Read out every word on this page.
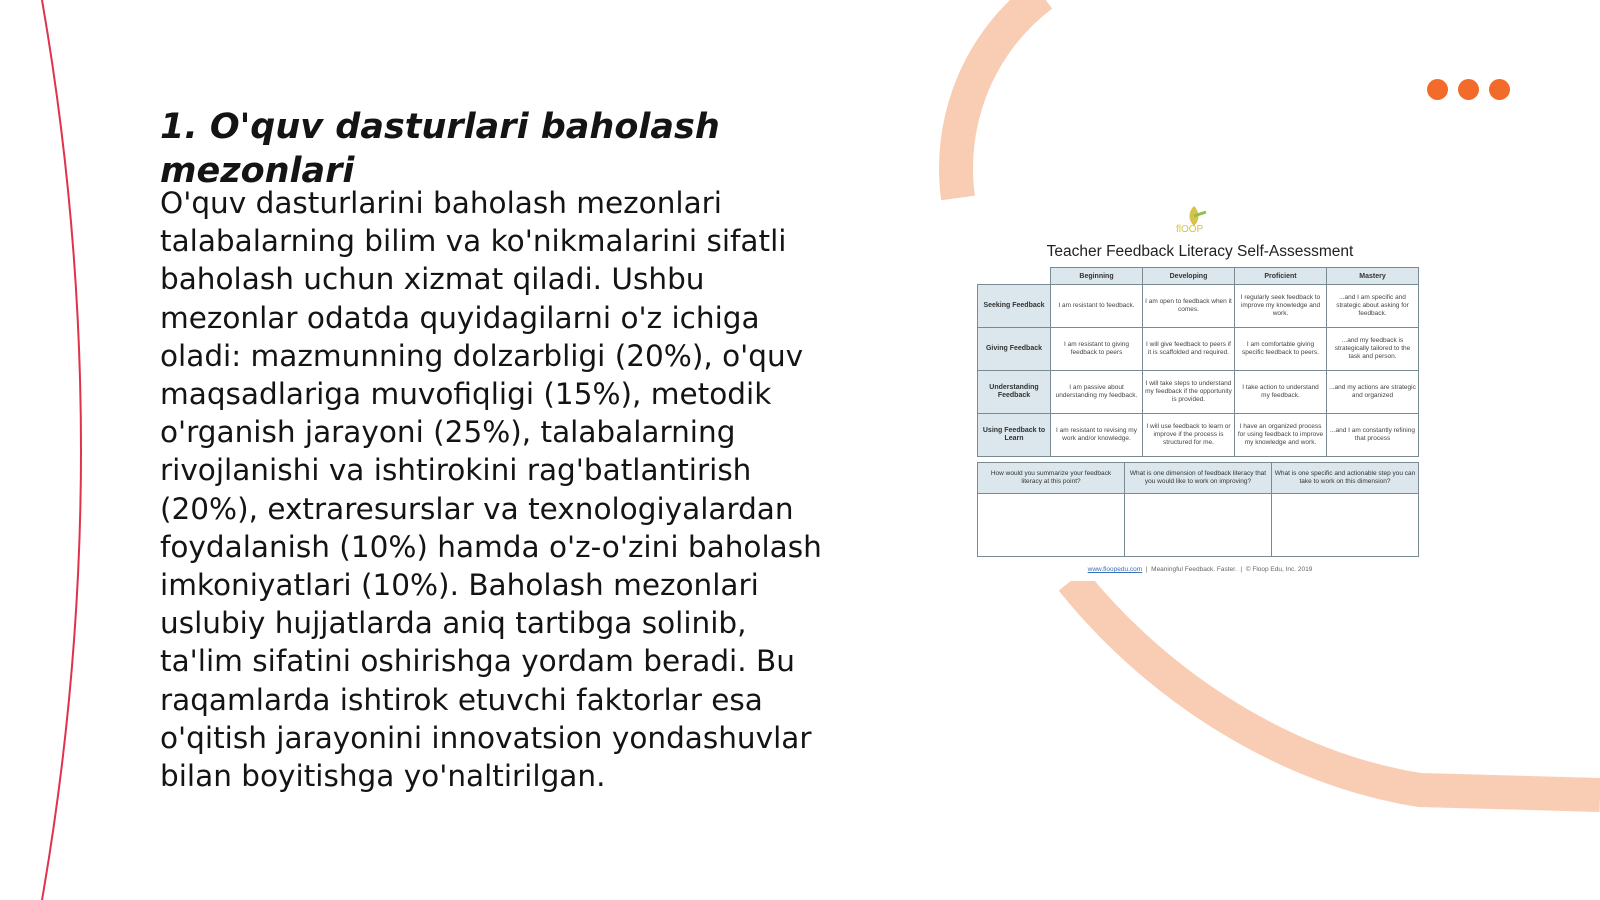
1. O'quv dasturlari baholash mezonlari

O'quv dasturlarini baholash mezonlari talabalarning bilim va ko'nikmalarini sifatli baholash uchun xizmat qiladi. Ushbu mezonlar odatda quyidagilarni o'z ichiga oladi: mazmunning dolzarbligi (20%), o'quv maqsadlariga muvofiqligi (15%), metodik o'rganish jarayoni (25%), talabalarning rivojlanishi va ishtirokini rag'batlantirish (20%), extraresurslar va texnologiyalardan foydalanish (10%) hamda o'z-o'zini baholash imkoniyatlari (10%). Baholash mezonlari uslubiy hujjatlarda aniq tartibga solinib, ta'lim sifatini oshirishga yordam beradi. Bu raqamlarda ishtirok etuvchi faktorlar esa o'qitish jarayonini innovatsion yondashuvlar bilan boyitishga yo'naltirilgan.

flOOP
Teacher Feedback Literacy Self-Assessment
	Beginning	Developing	Proficient	Mastery
Seeking Feedback	I am resistant to feedback.	I am open to feedback when it comes.	I regularly seek feedback to improve my knowledge and work.	...and I am specific and strategic about asking for feedback.
Giving Feedback	I am resistant to giving feedback to peers	I will give feedback to peers if it is scaffolded and required.	I am comfortable giving specific feedback to peers.	...and my feedback is strategically tailored to the task and person.
Understanding Feedback	I am passive about understanding my feedback.	I will take steps to understand my feedback if the opportunity is provided.	I take action to understand my feedback.	...and my actions are strategic and organized
Using Feedback to Learn	I am resistant to revising my work and/or knowledge.	I will use feedback to learn or improve if the process is structured for me.	I have an organized process for using feedback to improve my knowledge and work.	...and I am constantly refining that process
How would you summarize your feedback literacy at this point?	What is one dimension of feedback literacy that you would like to work on improving?	What is one specific and actionable step you can take to work on this dimension?

www.floopedu.com | Meaningful Feedback. Faster. | © Floop Edu, Inc. 2019
